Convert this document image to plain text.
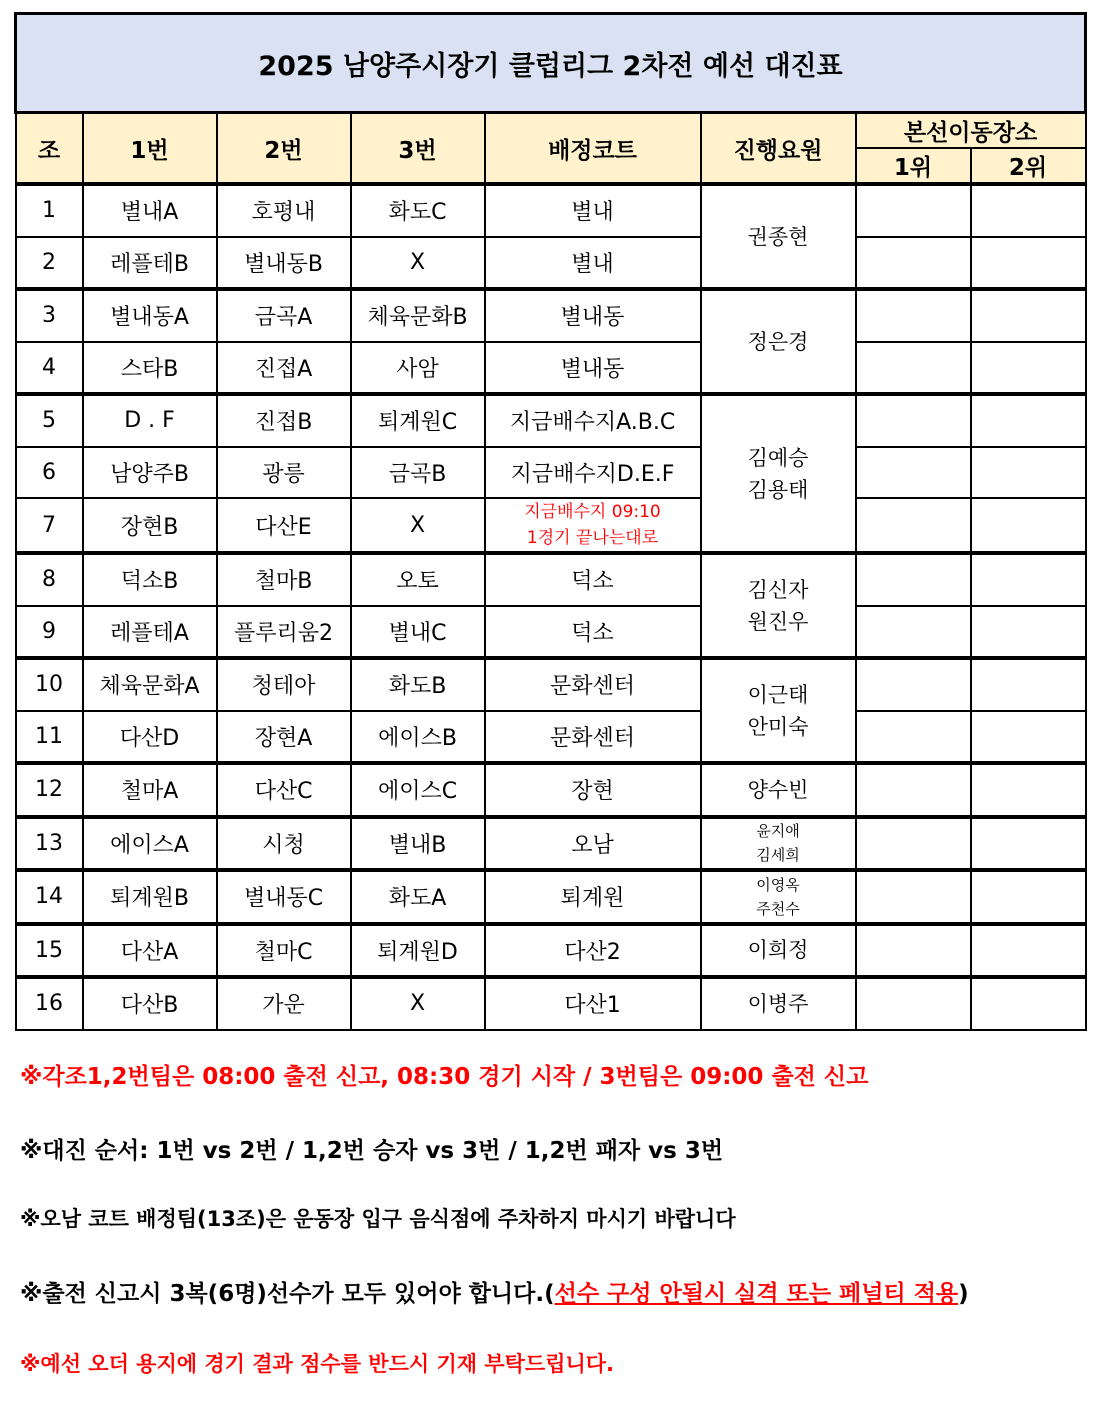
2025 남양주시장기 클럽리그 2차전 예선 대진표							
조	1번	2번	3번	배정코트	진행요원	본선이동장소	
						1위	2위
1	별내A	호평내	화도C	별내	권종현		

2	레플테B	별내동B	X	별내			
3	별내동A	금곡A	체육문화B	별내동	정은경		

4	스타B	진접A	사암	별내동			
5	D . F	진접B	퇴계원C	지금배수지A.B.C	김예승
김용태		

6	남양주B	광릉	금곡B	지금배수지D.E.F			
7	장현B	다산E	X	지금배수지 09:10
1경기 끝나는대로			

8	덕소B	철마B	오토	덕소	김신자
원진우		

9	레플테A	플루리움2	별내C	덕소			
10	체육문화A	청테아	화도B	문화센터	이근태
안미숙		

11	다산D	장현A	에이스B	문화센터			
12	철마A	다산C	에이스C	장현	양수빈		

13	에이스A	시청	별내B	오남	윤지애
김세희		

14	퇴계원B	별내동C	화도A	퇴계원	이영옥
주천수		

15	다산A	철마C	퇴계원D	다산2	이희정		

16	다산B	가운	X	다산1	이병주		

※각조1,2번팀은 08:00 출전 신고, 08:30 경기 시작 / 3번팀은 09:00 출전 신고
※대진 순서: 1번 vs 2번 / 1,2번 승자 vs 3번 / 1,2번 패자 vs 3번
※오남 코트 배정팀(13조)은 운동장 입구 음식점에 주차하지 마시기 바랍니다
※출전 신고시 3복(6명)선수가 모두 있어야 합니다.(선수 구성 안될시 실격 또는 페널티 적용)
※예선 오더 용지에 경기 결과 점수를 반드시 기재 부탁드립니다.
